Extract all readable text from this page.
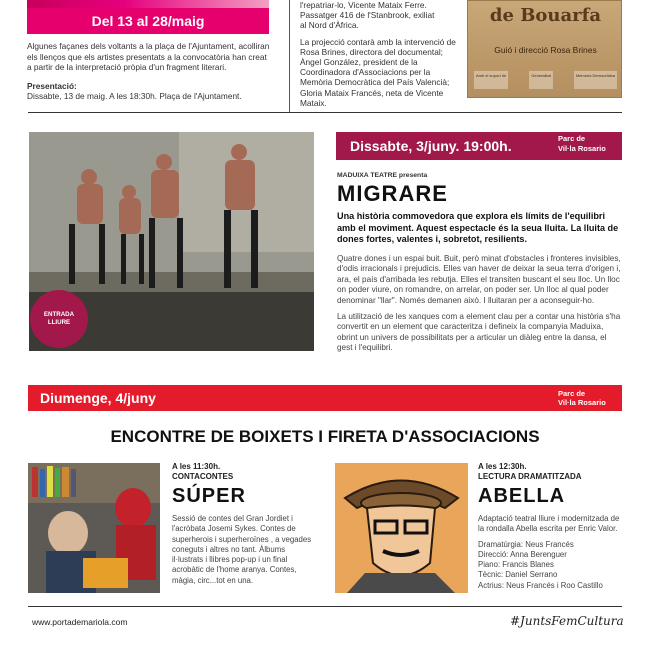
Del 13 al 28/maig

Algunes façanes dels voltants a la plaça de l'Ajuntament, acolliran els llenços que els artistes presentats a la convocatòria han creat a partir de la interpretació pròpia d'un fragment literari.

Presentació:
Dissabte, 13 de maig. A les 18:30h. Plaça de l'Ajuntament.
l'repatriar-lo, Vicente Mataix Ferre.
Passatger 416 de l'Stanbrook, exiliat
al Nord d'Àfrica.
La projecció contarà amb la intervenció de Rosa Brines, directora del documental; Àngel González, president de la Coordinadora d'Associacions per la Memòria Democràtica del País Valencià; Gloria Mataix Francés, neta de Vicente Mataix.
de Bouarfa
Guió i direcció Rosa Brines
Amb el suport de	Generalitat	Memòria Democràtica
ENTRADA
LLIURE
Dissabte, 3/juny. 19:00h.	Parc de
Vil·la Rosario
MADUIXA TEATRE presenta
MIGRARE
Una història commovedora que explora els límits de l'equilibri amb el moviment. Aquest espectacle és la seua lluita. La lluita de dones fortes, valentes i, sobretot, resilients.

Quatre dones i un espai buit. Buit, però minat d'obstacles i fronteres invisibles, d'odis irracionals i prejudicis. Elles van haver de deixar la seua terra d'origen i, ara, el país d'arribada les rebutja. Elles el transiten buscant el seu lloc. Un lloc on poder viure, on romandre, on arrelar, on poder ser. Un lloc al qual poder denominar "llar". Només demanen això. I lluitaran per a aconseguir-ho.

La utilització de les xanques com a element clau per a contar una història s'ha convertit en un element que caracteritza i defineix la companyia Maduixa, obrint un univers de possibilitats per a articular un diàleg entre la dansa, el gest i l'equilibri.

Diumenge, 4/juny	Parc de
Vil·la Rosario
ENCONTRE DE BOIXETS I FIRETA D'ASSOCIACIONS
A les 11:30h.
CONTACONTES
SÚPER
Sessió de contes del Gran Jordiet i l'acròbata Josemi Sykes. Contes de superherois i superheroïnes , a vegades coneguts i altres no tant. Àlbums il·lustrats i llibres pop-up i un final acrobàtic de l'home aranya. Contes, màgia, circ...tot en una.
A les 12:30h.
LECTURA DRAMATITZADA
ABELLA
Adaptació teatral lliure i modernitzada de la rondalla Abella escrita per Enric Valor.
Dramatúrgia: Neus Francés
Direcció: Anna Berenguer
Piano: Francis Blanes
Tècnic: Daniel Serrano
Actrius: Neus Francés i Roo Castillo
www.portademariola.com	#JuntsFemCultura
